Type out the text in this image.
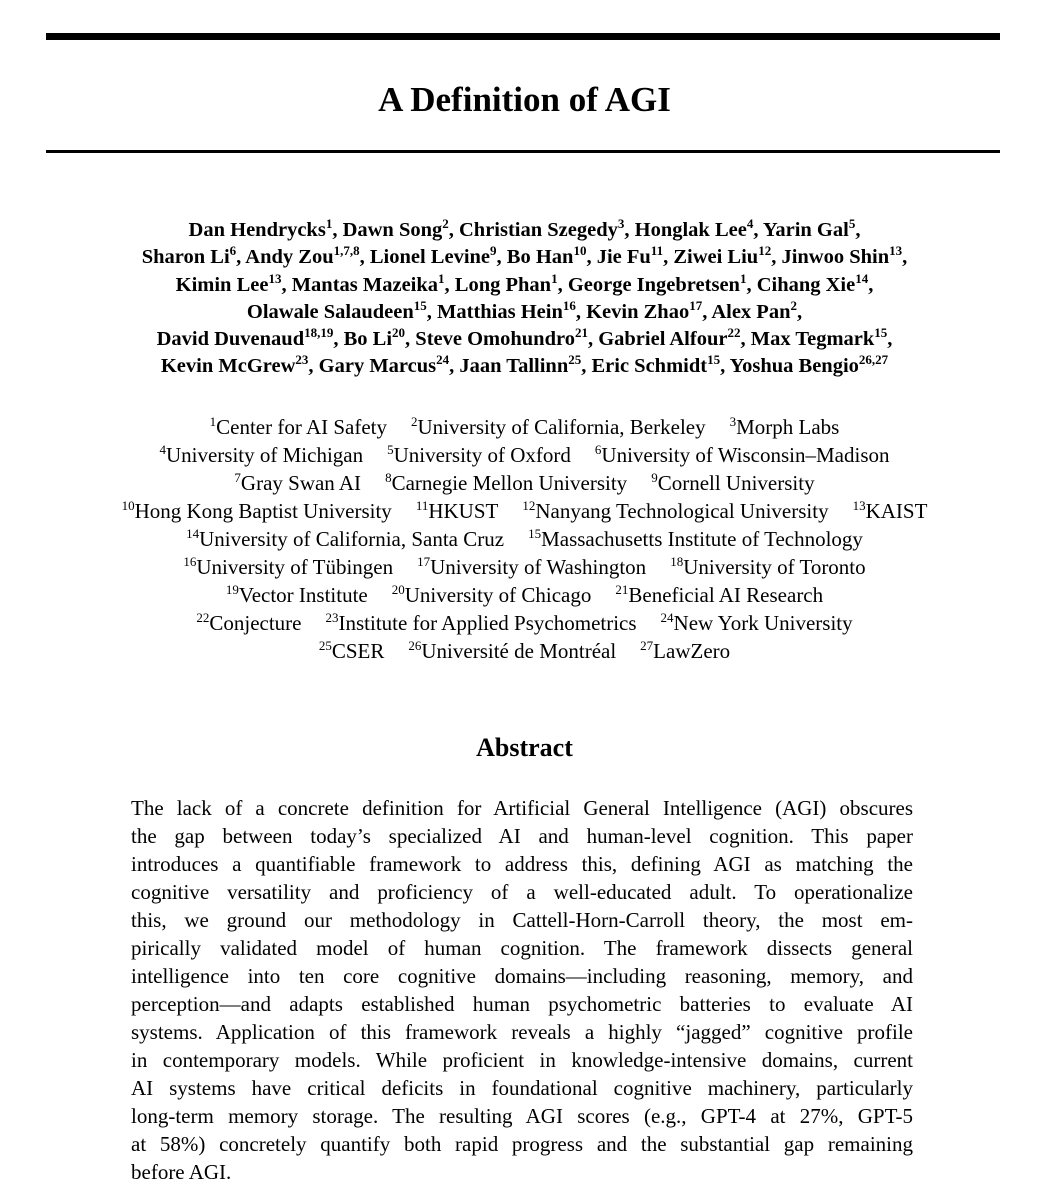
A Definition of AGI
Dan Hendrycks$^1$, Dawn Song$^2$, Christian Szegedy$^3$, Honglak Lee$^4$, Yarin Gal$^5$,
Sharon Li$^6$, Andy Zou$^{1,7,8}$, Lionel Levine$^9$, Bo Han$^{10}$, Jie Fu$^{11}$, Ziwei Liu$^{12}$, Jinwoo Shin$^{13}$,
Kimin Lee$^{13}$, Mantas Mazeika$^1$, Long Phan$^1$, George Ingebretsen$^1$, Cihang Xie$^{14}$,
Olawale Salaudeen$^{15}$, Matthias Hein$^{16}$, Kevin Zhao$^{17}$, Alex Pan$^2$,
David Duvenaud$^{18,19}$, Bo Li$^{20}$, Steve Omohundro$^{21}$, Gabriel Alfour$^{22}$, Max Tegmark$^{15}$,
Kevin McGrew$^{23}$, Gary Marcus$^{24}$, Jaan Tallinn$^{25}$, Eric Schmidt$^{15}$, Yoshua Bengio$^{26,27}$
$^1$Center for AI Safety $^2$University of California, Berkeley $^3$Morph Labs
$^4$University of Michigan $^5$University of Oxford $^6$University of Wisconsin–Madison
$^7$Gray Swan AI $^8$Carnegie Mellon University $^9$Cornell University
$^{10}$Hong Kong Baptist University $^{11}$HKUST $^{12}$Nanyang Technological University $^{13}$KAIST
$^{14}$University of California, Santa Cruz $^{15}$Massachusetts Institute of Technology
$^{16}$University of Tübingen $^{17}$University of Washington $^{18}$University of Toronto
$^{19}$Vector Institute $^{20}$University of Chicago $^{21}$Beneficial AI Research
$^{22}$Conjecture $^{23}$Institute for Applied Psychometrics $^{24}$New York University
$^{25}$CSER $^{26}$Université de Montréal $^{27}$LawZero
Abstract
The lack of a concrete definition for Artificial General Intelligence (AGI) obscures
the gap between today’s specialized AI and human-level cognition. This paper
introduces a quantifiable framework to address this, defining AGI as matching the
cognitive versatility and proficiency of a well-educated adult. To operationalize
this, we ground our methodology in Cattell-Horn-Carroll theory, the most em-
pirically validated model of human cognition. The framework dissects general
intelligence into ten core cognitive domains—including reasoning, memory, and
perception—and adapts established human psychometric batteries to evaluate AI
systems. Application of this framework reveals a highly “jagged” cognitive profile
in contemporary models. While proficient in knowledge-intensive domains, current
AI systems have critical deficits in foundational cognitive machinery, particularly
long-term memory storage. The resulting AGI scores (e.g., GPT-4 at 27%, GPT-5
at 58%) concretely quantify both rapid progress and the substantial gap remaining
before AGI.
